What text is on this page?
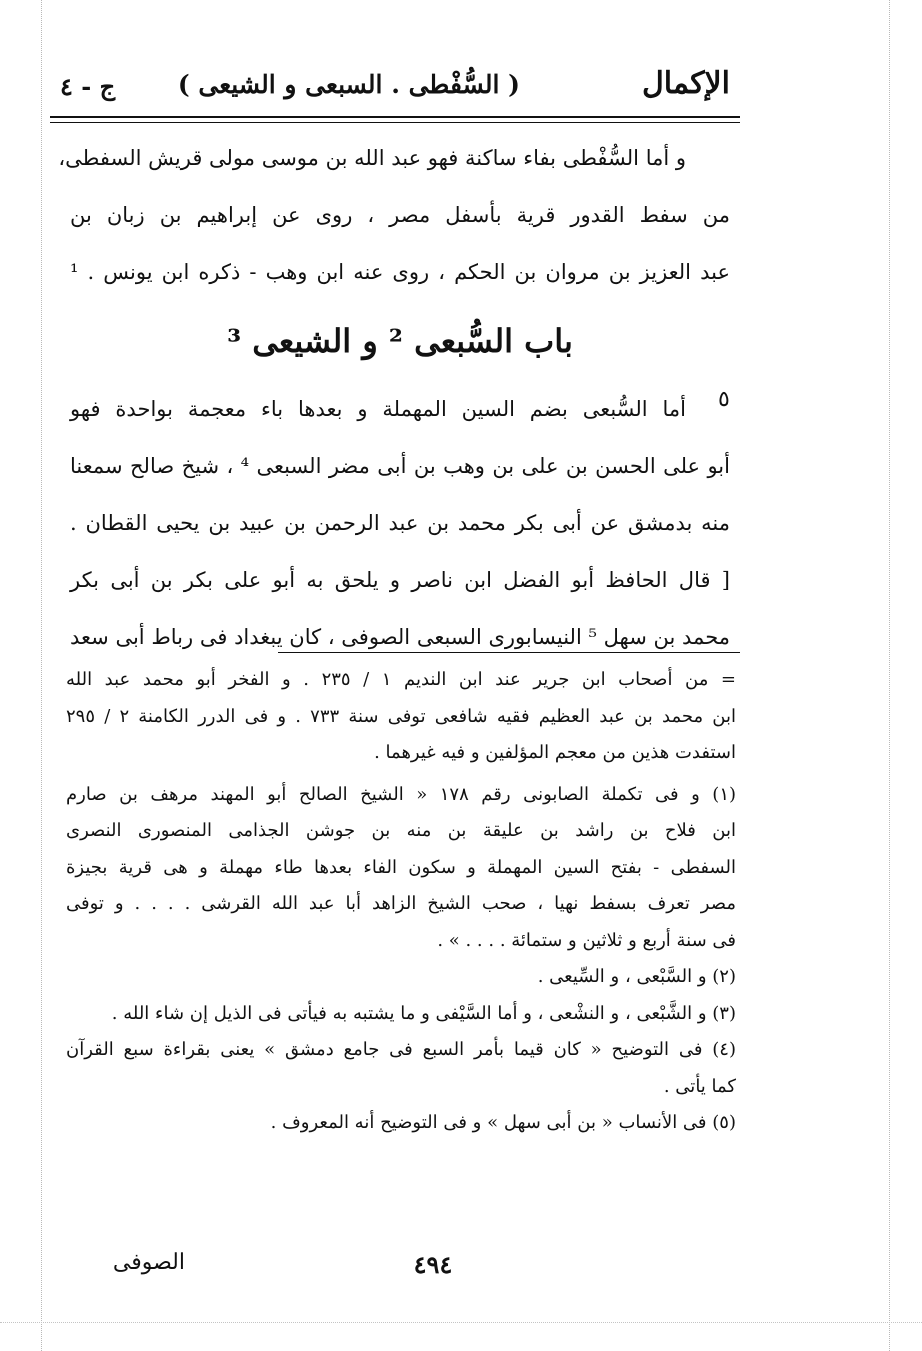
الإكمال
( السُّفْطى . السبعى و الشيعى )
ج - ٤
و أما السُّفْطى بفاء ساكنة فهو عبد الله بن موسى مولى قريش السفطى،
من سفط القدور قرية بأسفل مصر ، روى عن إبراهيم بن زبان بن
عبد العزيز بن مروان بن الحكم ، روى عنه ابن وهب - ذكره ابن يونس . ¹
باب السُّبعى ² و الشيعى ³
أما السُّبعى بضم السين المهملة و بعدها باء معجمة بواحدة فهو
أبو على الحسن بن على بن وهب بن أبى مضر السبعى ⁴ ، شيخ صالح سمعنا
منه بدمشق عن أبى بكر محمد بن عبد الرحمن بن عبيد بن يحيى القطان .
[ قال الحافظ أبو الفضل ابن ناصر و يلحق به أبو على بكر بن أبى بكر
محمد بن سهل ⁵ النيسابورى السبعى الصوفى ، كان يبغداد فى رباط أبى سعد
٥
= من أصحاب ابن جرير عند ابن النديم ١ / ٢٣٥ . و الفخر أبو محمد عبد الله
ابن محمد بن عبد العظيم فقيه شافعى توفى سنة ٧٣٣ . و فى الدرر الكامنة ٢ / ٢٩٥
استفدت هذين من معجم المؤلفين و فيه غيرهما .
(١) و فى تكملة الصابونى رقم ١٧٨ « الشيخ الصالح أبو المهند مرهف بن صارم
ابن فلاح بن راشد بن عليقة بن منه بن جوشن الجذامى المنصورى النصرى
السفطى - بفتح السين المهملة و سكون الفاء بعدها طاء مهملة و هى قرية بجيزة
مصر تعرف بسفط نهيا ، صحب الشيخ الزاهد أبا عبد الله القرشى . . . . و توفى
فى سنة أربع و ثلاثين و ستمائة . . . . » .
(٢) و السَّبْعى ، و السِّيعى .
(٣) و الشَّبْعى ، و النشْعى ، و أما السَّيْفى و ما يشتبه به فيأتى فى الذيل إن شاء الله .
(٤) فى التوضيح « كان قيما بأمر السبع فى جامع دمشق » يعنى بقراءة سبع القرآن
كما يأتى .
(٥) فى الأنساب « بن أبى سهل » و فى التوضيح أنه المعروف .
٤٩٤
الصوفى
